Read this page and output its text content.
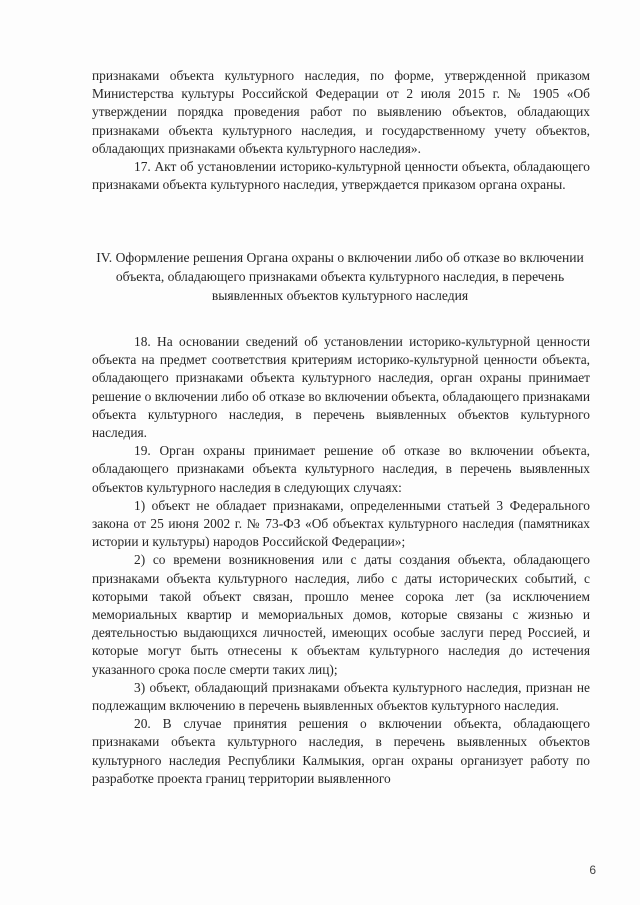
признаками объекта культурного наследия, по форме, утвержденной приказом Министерства культуры Российской Федерации от 2 июля 2015 г. № 1905 «Об утверждении порядка проведения работ по выявлению объектов, обладающих признаками объекта культурного наследия, и государственному учету объектов, обладающих признаками объекта культурного наследия».

17. Акт об установлении историко-культурной ценности объекта, обладающего признаками объекта культурного наследия, утверждается приказом органа охраны.

IV. Оформление решения Органа охраны о включении либо об отказе во включении объекта, обладающего признаками объекта культурного наследия, в перечень выявленных объектов культурного наследия

18. На основании сведений об установлении историко-культурной ценности объекта на предмет соответствия критериям историко-культурной ценности объекта, обладающего признаками объекта культурного наследия, орган охраны принимает решение о включении либо об отказе во включении объекта, обладающего признаками объекта культурного наследия, в перечень выявленных объектов культурного наследия.

19. Орган охраны принимает решение об отказе во включении объекта, обладающего признаками объекта культурного наследия, в перечень выявленных объектов культурного наследия в следующих случаях:

1) объект не обладает признаками, определенными статьей 3 Федерального закона от 25 июня 2002 г. № 73-ФЗ «Об объектах культурного наследия (памятниках истории и культуры) народов Российской Федерации»;

2) со времени возникновения или с даты создания объекта, обладающего признаками объекта культурного наследия, либо с даты исторических событий, с которыми такой объект связан, прошло менее сорока лет (за исключением мемориальных квартир и мемориальных домов, которые связаны с жизнью и деятельностью выдающихся личностей, имеющих особые заслуги перед Россией, и которые могут быть отнесены к объектам культурного наследия до истечения указанного срока после смерти таких лиц);

3) объект, обладающий признаками объекта культурного наследия, признан не подлежащим включению в перечень выявленных объектов культурного наследия.

20. В случае принятия решения о включении объекта, обладающего признаками объекта культурного наследия, в перечень выявленных объектов культурного наследия Республики Калмыкия, орган охраны организует работу по разработке проекта границ территории выявленного

6
